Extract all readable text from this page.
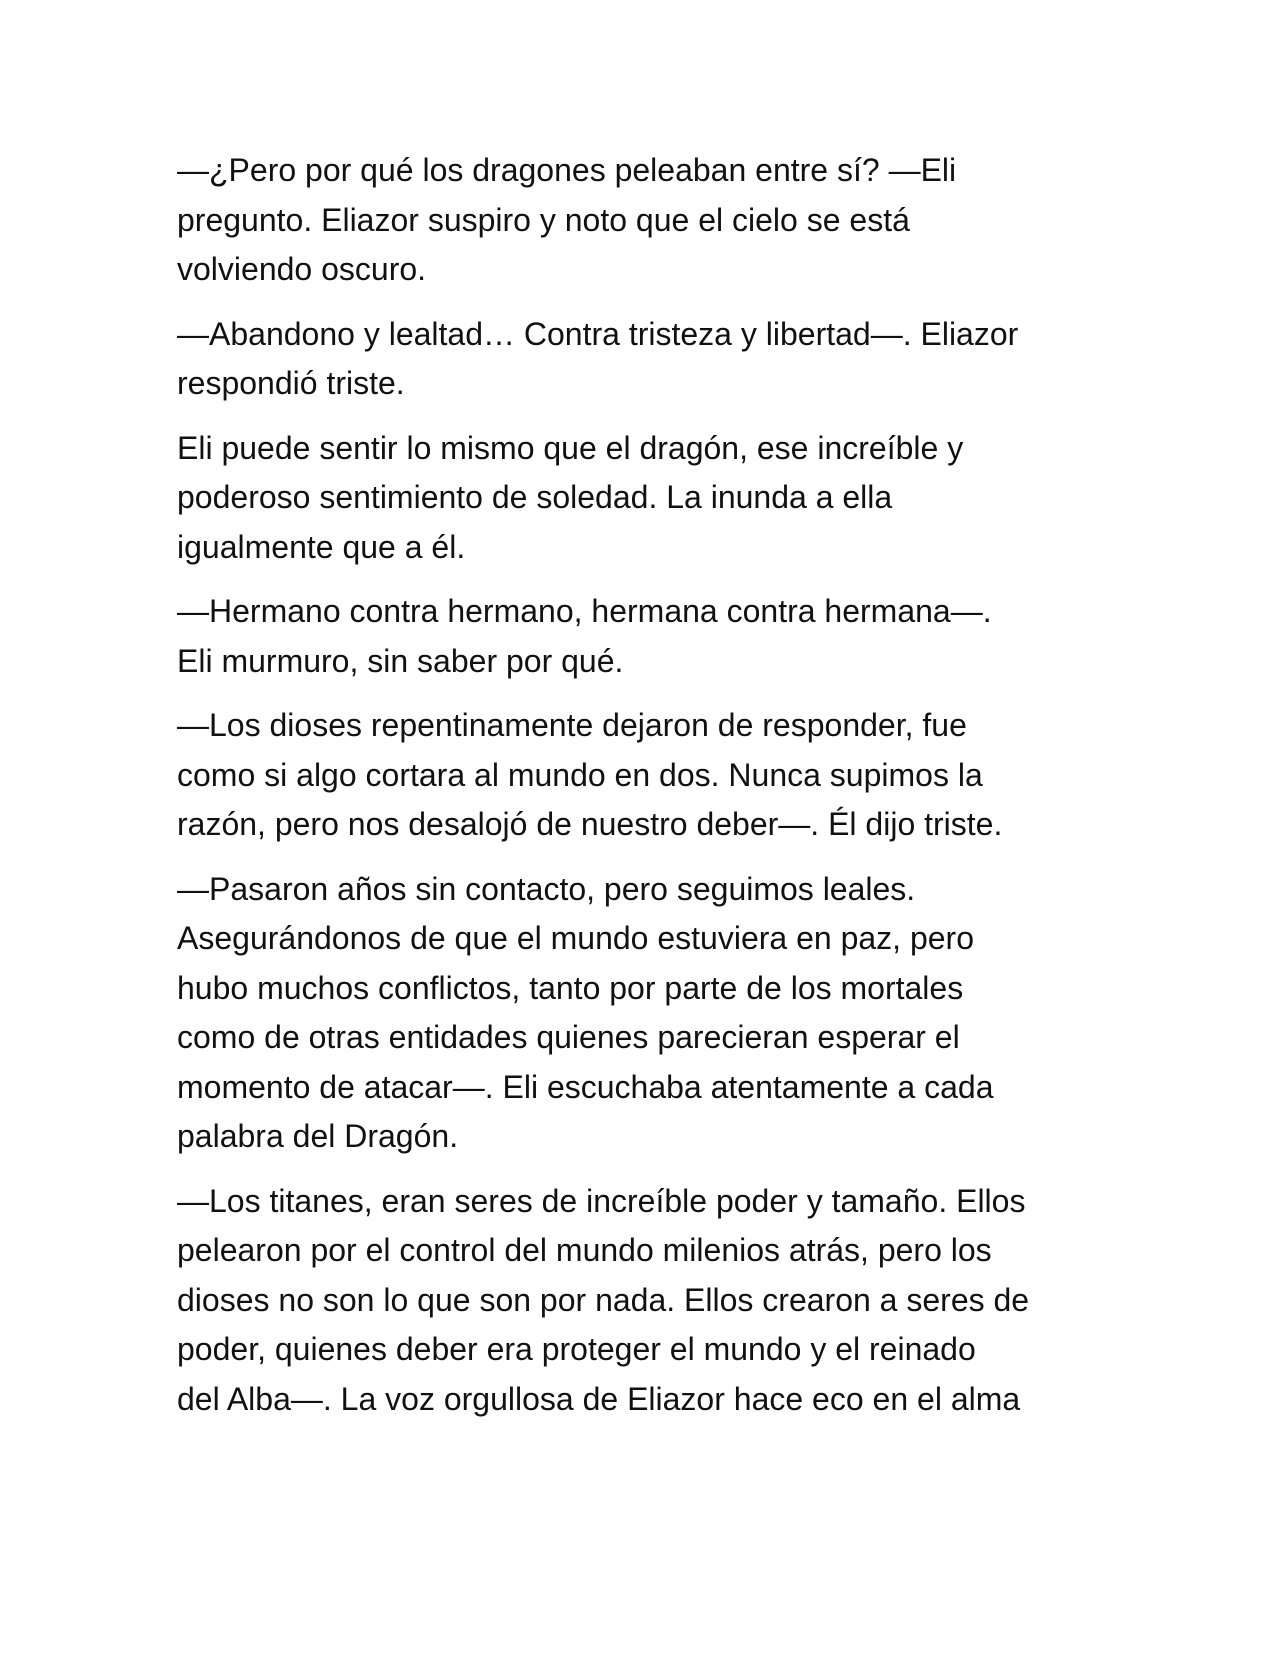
—¿Pero por qué los dragones peleaban entre sí? —Eli
pregunto. Eliazor suspiro y noto que el cielo se está
volviendo oscuro.

—Abandono y lealtad… Contra tristeza y libertad—. Eliazor
respondió triste.

Eli puede sentir lo mismo que el dragón, ese increíble y
poderoso sentimiento de soledad. La inunda a ella
igualmente que a él.

—Hermano contra hermano, hermana contra hermana—.
Eli murmuro, sin saber por qué.

—Los dioses repentinamente dejaron de responder, fue
como si algo cortara al mundo en dos. Nunca supimos la
razón, pero nos desalojó de nuestro deber—. Él dijo triste.

—Pasaron años sin contacto, pero seguimos leales.
Asegurándonos de que el mundo estuviera en paz, pero
hubo muchos conflictos, tanto por parte de los mortales
como de otras entidades quienes parecieran esperar el
momento de atacar—. Eli escuchaba atentamente a cada
palabra del Dragón.

—Los titanes, eran seres de increíble poder y tamaño. Ellos
pelearon por el control del mundo milenios atrás, pero los
dioses no son lo que son por nada. Ellos crearon a seres de
poder, quienes deber era proteger el mundo y el reinado
del Alba—. La voz orgullosa de Eliazor hace eco en el alma
